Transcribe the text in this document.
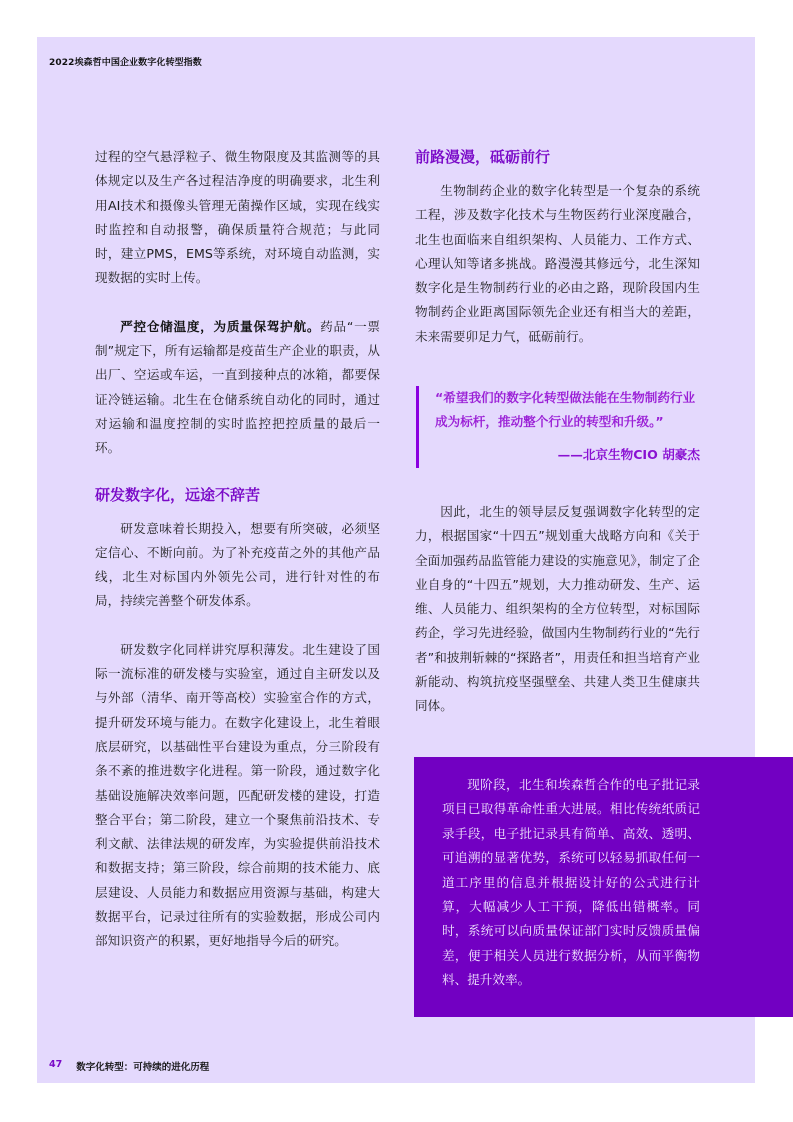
2022埃森哲中国企业数字化转型指数

过程的空气悬浮粒子、微生物限度及其监测等的具体规定以及生产各过程洁净度的明确要求，北生利用AI技术和摄像头管理无菌操作区域，实现在线实时监控和自动报警，确保质量符合规范；与此同时，建立PMS，EMS等系统，对环境自动监测，实现数据的实时上传。

严控仓储温度，为质量保驾护航。药品“一票制”规定下，所有运输都是疫苗生产企业的职责，从出厂、空运或车运，一直到接种点的冰箱，都要保证冷链运输。北生在仓储系统自动化的同时，通过对运输和温度控制的实时监控把控质量的最后一环。

研发数字化，远途不辞苦

研发意味着长期投入，想要有所突破，必须坚定信心、不断向前。为了补充疫苗之外的其他产品线，北生对标国内外领先公司，进行针对性的布局，持续完善整个研发体系。

研发数字化同样讲究厚积薄发。北生建设了国际一流标准的研发楼与实验室，通过自主研发以及与外部（清华、南开等高校）实验室合作的方式，提升研发环境与能力。在数字化建设上，北生着眼底层研究，以基础性平台建设为重点，分三阶段有条不紊的推进数字化进程。第一阶段，通过数字化基础设施解决效率问题，匹配研发楼的建设，打造整合平台；第二阶段，建立一个聚焦前沿技术、专利文献、法律法规的研发库，为实验提供前沿技术和数据支持；第三阶段，综合前期的技术能力、底层建设、人员能力和数据应用资源与基础，构建大数据平台，记录过往所有的实验数据，形成公司内部知识资产的积累，更好地指导今后的研究。

前路漫漫，砥砺前行

生物制药企业的数字化转型是一个复杂的系统工程，涉及数字化技术与生物医药行业深度融合，北生也面临来自组织架构、人员能力、工作方式、心理认知等诸多挑战。路漫漫其修远兮，北生深知数字化是生物制药行业的必由之路，现阶段国内生物制药企业距离国际领先企业还有相当大的差距，未来需要卯足力气，砥砺前行。

“希望我们的数字化转型做法能在生物制药行业成为标杆，推动整个行业的转型和升级。”
——北京生物CIO 胡豪杰

因此，北生的领导层反复强调数字化转型的定力，根据国家“十四五”规划重大战略方向和《关于全面加强药品监管能力建设的实施意见》，制定了企业自身的“十四五”规划，大力推动研发、生产、运维、人员能力、组织架构的全方位转型，对标国际药企，学习先进经验，做国内生物制药行业的“先行者”和披荆斩棘的“探路者”，用责任和担当培育产业新能动、构筑抗疫坚强壁垒、共建人类卫生健康共同体。

现阶段，北生和埃森哲合作的电子批记录项目已取得革命性重大进展。相比传统纸质记录手段，电子批记录具有简单、高效、透明、可追溯的显著优势，系统可以轻易抓取任何一道工序里的信息并根据设计好的公式进行计算，大幅减少人工干预，降低出错概率。同时，系统可以向质量保证部门实时反馈质量偏差，便于相关人员进行数据分析，从而平衡物料、提升效率。

47 数字化转型：可持续的进化历程
